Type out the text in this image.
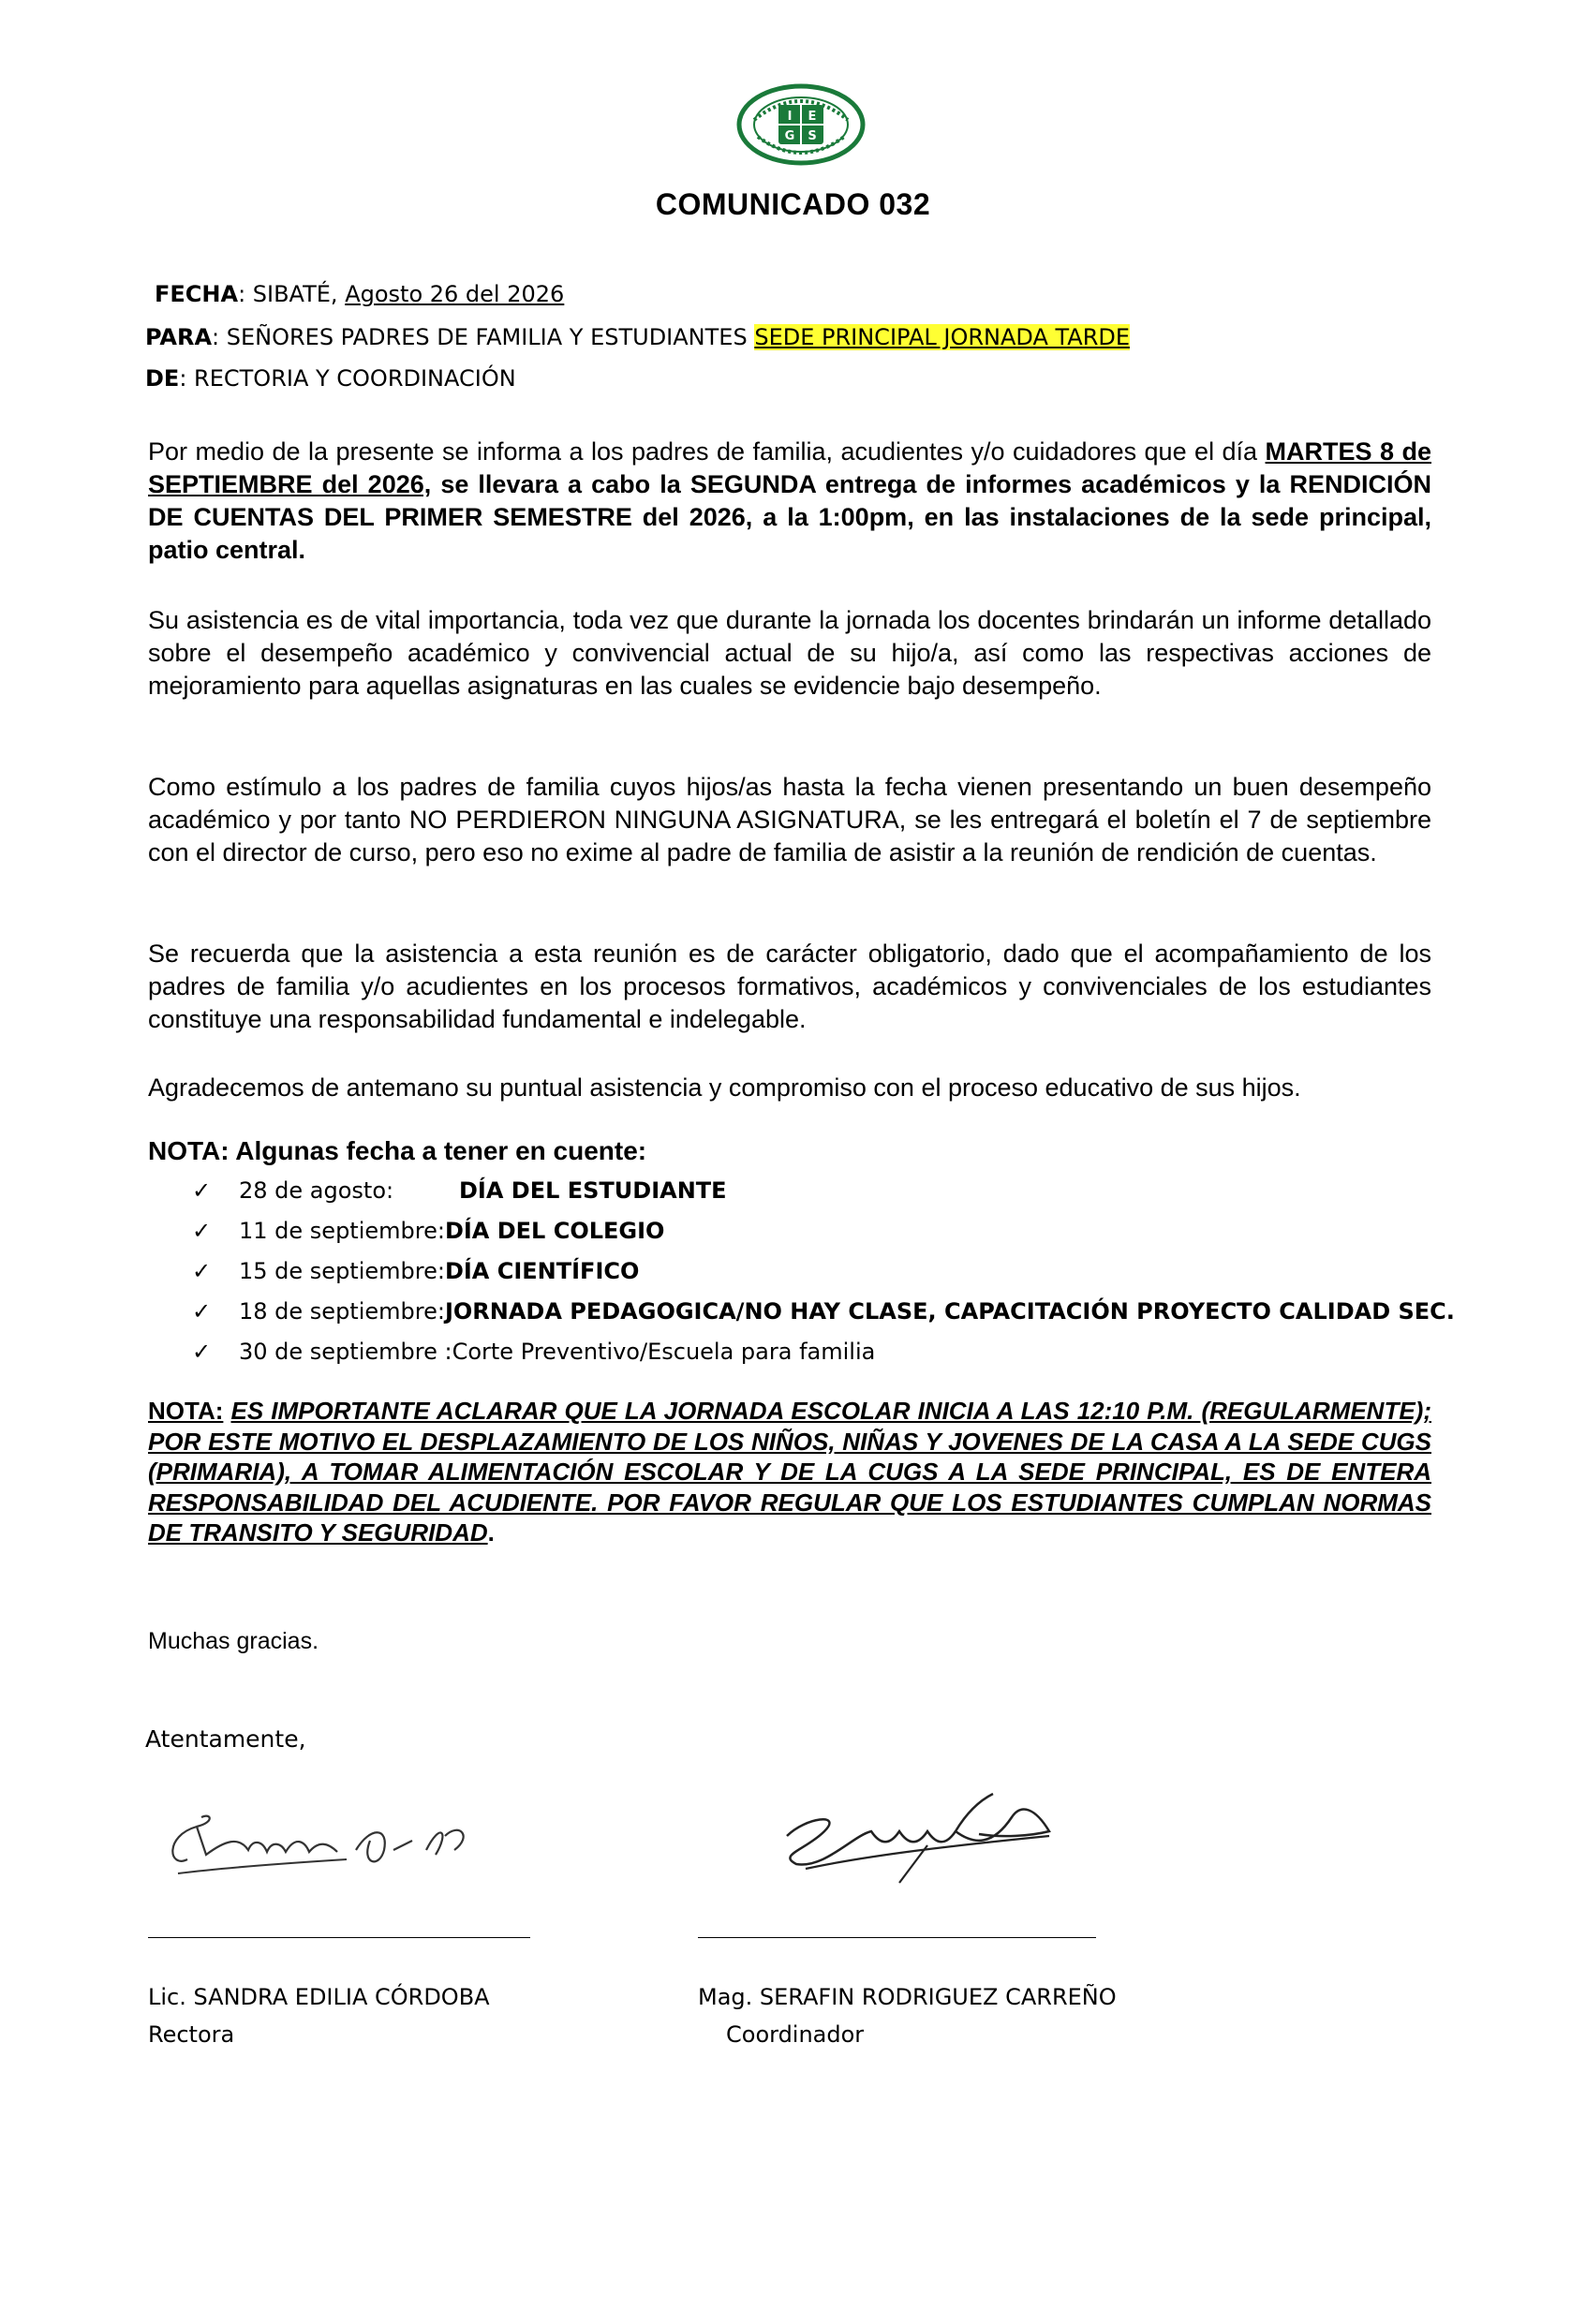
I E
G S
COMUNICADO 032
FECHA: SIBATÉ, Agosto 26 del 2026
PARA: SEÑORES PADRES DE FAMILIA Y ESTUDIANTES SEDE PRINCIPAL JORNADA TARDE
DE: RECTORIA Y COORDINACIÓN
Por medio de la presente se informa a los padres de familia, acudientes y/o cuidadores que el día MARTES 8 de SEPTIEMBRE del 2026, se llevara a cabo la SEGUNDA entrega de informes académicos y la RENDICIÓN DE CUENTAS DEL PRIMER SEMESTRE del 2026, a la 1:00pm, en las instalaciones de la sede principal, patio central.
Su asistencia es de vital importancia, toda vez que durante la jornada los docentes brindarán un informe detallado sobre el desempeño académico y convivencial actual de su hijo/a, así como las respectivas acciones de mejoramiento para aquellas asignaturas en las cuales se evidencie bajo desempeño.
Como estímulo a los padres de familia cuyos hijos/as hasta la fecha vienen presentando un buen desempeño académico y por tanto NO PERDIERON NINGUNA ASIGNATURA, se les entregará el boletín el 7 de septiembre con el director de curso, pero eso no exime al padre de familia de asistir a la reunión de rendición de cuentas.
Se recuerda que la asistencia a esta reunión es de carácter obligatorio, dado que el acompañamiento de los padres de familia y/o acudientes en los procesos formativos, académicos y convivenciales de los estudiantes constituye una responsabilidad fundamental e indelegable.
Agradecemos de antemano su puntual asistencia y compromiso con el proceso educativo de sus hijos.
NOTA: Algunas fecha a tener en cuente:
✓ 28 de agosto:	DÍA DEL ESTUDIANTE
✓ 11 de septiembre:DÍA DEL COLEGIO
✓ 15 de septiembre:DÍA CIENTÍFICO
✓ 18 de septiembre:JORNADA PEDAGOGICA/NO HAY CLASE, CAPACITACIÓN PROYECTO CALIDAD SEC.
✓ 30 de septiembre :Corte Preventivo/Escuela para familia
NOTA: ES IMPORTANTE ACLARAR QUE LA JORNADA ESCOLAR INICIA A LAS 12:10 P.M. (REGULARMENTE); POR ESTE MOTIVO EL DESPLAZAMIENTO DE LOS NIÑOS, NIÑAS Y JOVENES DE LA CASA A LA SEDE CUGS (PRIMARIA), A TOMAR ALIMENTACIÓN ESCOLAR Y DE LA CUGS A LA SEDE PRINCIPAL, ES DE ENTERA RESPONSABILIDAD DEL ACUDIENTE. POR FAVOR REGULAR QUE LOS ESTUDIANTES CUMPLAN NORMAS DE TRANSITO Y SEGURIDAD.
Muchas gracias.
Atentamente,
Lic. SANDRA EDILIA CÓRDOBA
Rectora
Mag. SERAFIN RODRIGUEZ CARREÑO
Coordinador
